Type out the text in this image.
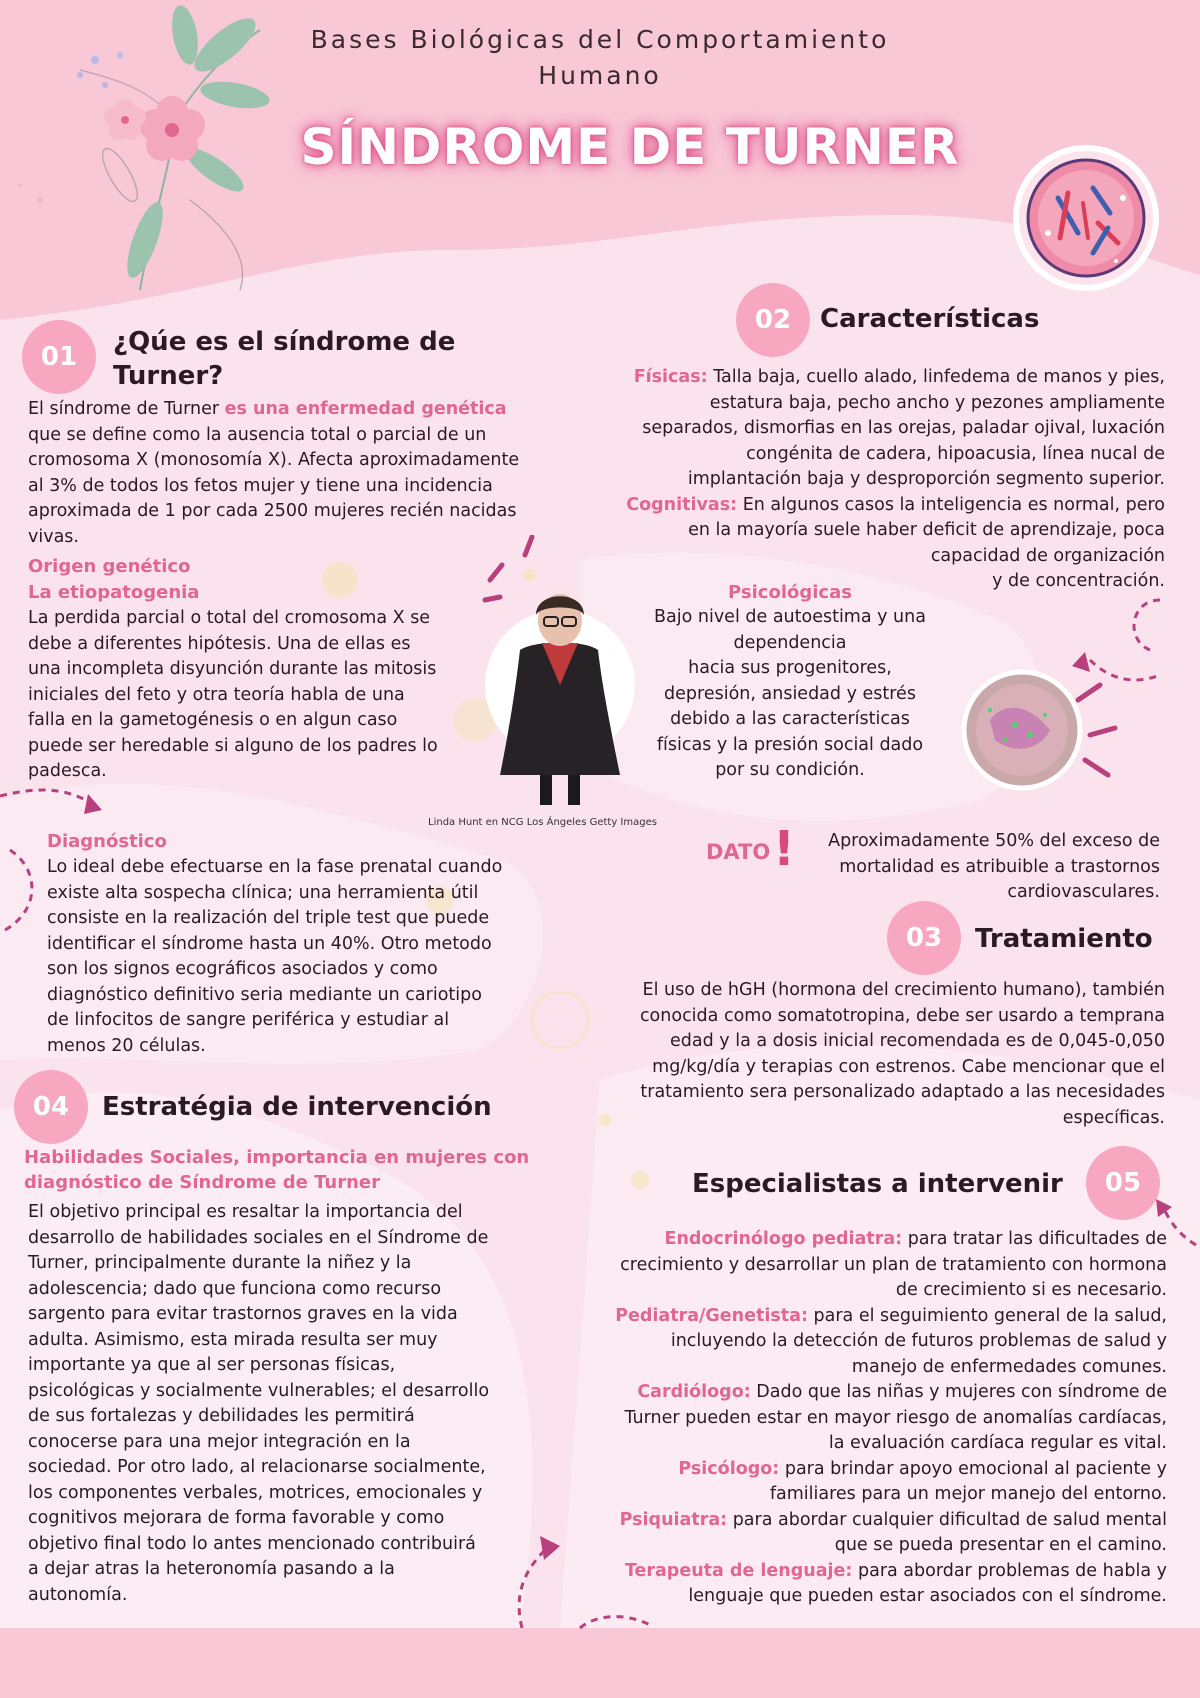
Bases Biológicas del Comportamiento
Humano
SÍNDROME DE TURNER
01	¿Qúe es el síndrome de
Turner?
El síndrome de Turner es una enfermedad genética
que se define como la ausencia total o parcial de un
cromosoma X (monosomía X). Afecta aproximadamente
al 3% de todos los fetos mujer y tiene una incidencia
aproximada de 1 por cada 2500 mujeres recién nacidas
vivas.
Origen genético
La etiopatogenia
La perdida parcial o total del cromosoma X se
debe a diferentes hipótesis. Una de ellas es
una incompleta disyunción durante las mitosis
iniciales del feto y otra teoría habla de una
falla en la gametogénesis o en algun caso
puede ser heredable si alguno de los padres lo
padesca.
Diagnóstico
Lo ideal debe efectuarse en la fase prenatal cuando
existe alta sospecha clínica; una herramienta útil
consiste en la realización del triple test que puede
identificar el síndrome hasta un 40%. Otro metodo
son los signos ecográficos asociados y como
diagnóstico definitivo seria mediante un cariotipo
de linfocitos de sangre periférica y estudiar al
menos 20 células.
Linda Hunt en NCG Los Ángeles Getty Images
02	Características
Físicas: Talla baja, cuello alado, linfedema de manos y pies,
estatura baja, pecho ancho y pezones ampliamente
separados, dismorfias en las orejas, paladar ojival, luxación
congénita de cadera, hipoacusia, línea nucal de
implantación baja y desproporción segmento superior.
Cognitivas: En algunos casos la inteligencia es normal, pero
en la mayoría suele haber deficit de aprendizaje, poca
capacidad de organización
y de concentración.
Psicológicas
Bajo nivel de autoestima y una
dependencia
hacia sus progenitores,
depresión, ansiedad y estrés
debido a las características
físicas y la presión social dado
por su condición.
DATO !	Aproximadamente 50% del exceso de
mortalidad es atribuible a trastornos
cardiovasculares.
03	Tratamiento
El uso de hGH (hormona del crecimiento humano), también
conocida como somatotropina, debe ser usardo a temprana
edad y la a dosis inicial recomendada es de 0,045-0,050
mg/kg/día y terapias con estrenos. Cabe mencionar que el
tratamiento sera personalizado adaptado a las necesidades
específicas.
04	Estratégia de intervención
Habilidades Sociales, importancia en mujeres con
diagnóstico de Síndrome de Turner
El objetivo principal es resaltar la importancia del
desarrollo de habilidades sociales en el Síndrome de
Turner, principalmente durante la niñez y la
adolescencia; dado que funciona como recurso
sargento para evitar trastornos graves en la vida
adulta. Asimismo, esta mirada resulta ser muy
importante ya que al ser personas físicas,
psicológicas y socialmente vulnerables; el desarrollo
de sus fortalezas y debilidades les permitirá
conocerse para una mejor integración en la
sociedad. Por otro lado, al relacionarse socialmente,
los componentes verbales, motrices, emocionales y
cognitivos mejorara de forma favorable y como
objetivo final todo lo antes mencionado contribuirá
a dejar atras la heteronomía pasando a la
autonomía.
Especialistas a intervenir	05
Endocrinólogo pediatra: para tratar las dificultades de
crecimiento y desarrollar un plan de tratamiento con hormona
de crecimiento si es necesario.
Pediatra/Genetista: para el seguimiento general de la salud,
incluyendo la detección de futuros problemas de salud y
manejo de enfermedades comunes.
Cardiólogo: Dado que las niñas y mujeres con síndrome de
Turner pueden estar en mayor riesgo de anomalías cardíacas,
la evaluación cardíaca regular es vital.
Psicólogo: para brindar apoyo emocional al paciente y
familiares para un mejor manejo del entorno.
Psiquiatra: para abordar cualquier dificultad de salud mental
que se pueda presentar en el camino.
Terapeuta de lenguaje: para abordar problemas de habla y
lenguaje que pueden estar asociados con el síndrome.
